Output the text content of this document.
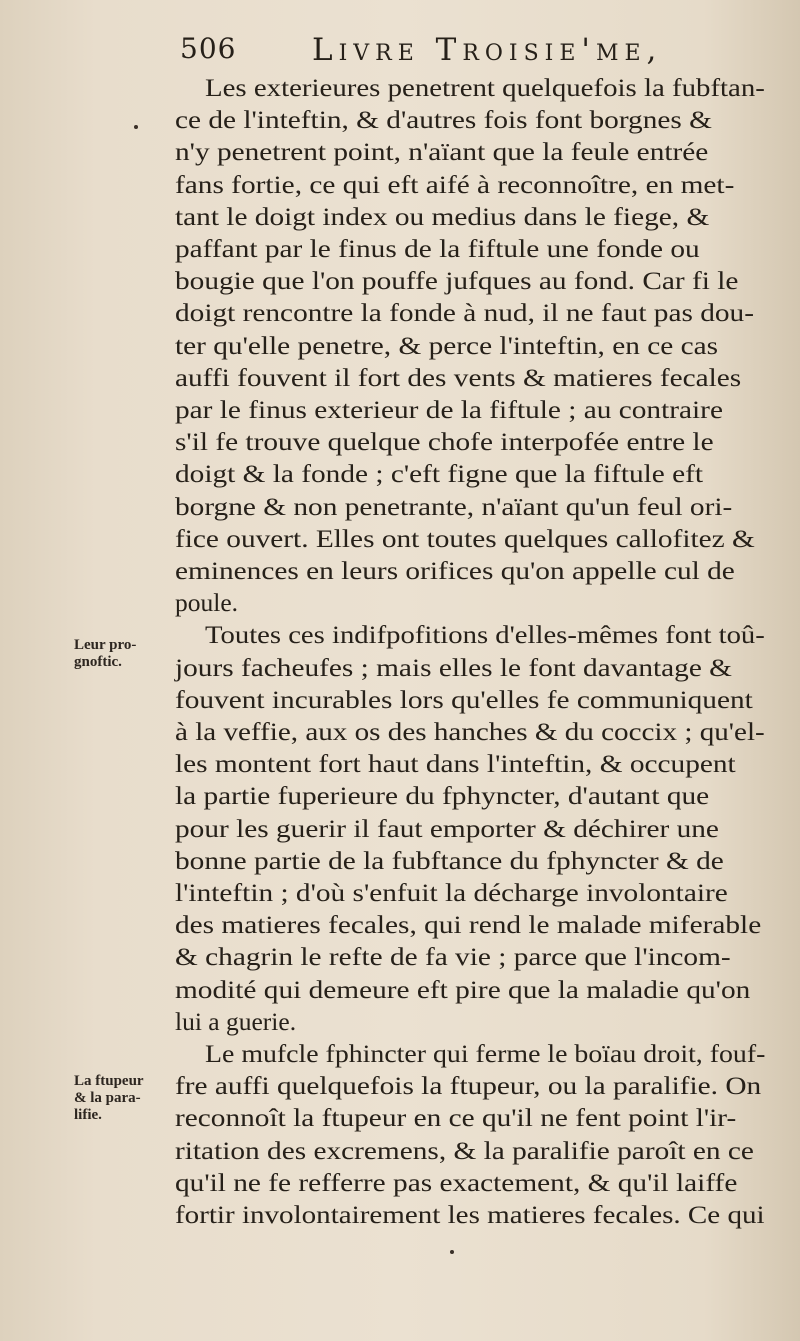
506 Livre Troisie'me,
Leur pro-
gnoftic.
La ftupeur
& la para-
lifie.
Les exterieures penetrent quelquefois la fubftan-
ce de l'inteftin, & d'autres fois font borgnes &
n'y penetrent point, n'aïant que la feule entrée
fans fortie, ce qui eft aifé à reconnoître, en met-
tant le doigt index ou medius dans le fiege, &
paffant par le finus de la fiftule une fonde ou
bougie que l'on pouffe jufques au fond. Car fi le
doigt rencontre la fonde à nud, il ne faut pas dou-
ter qu'elle penetre, & perce l'inteftin, en ce cas
auffi fouvent il fort des vents & matieres fecales
par le finus exterieur de la fiftule ; au contraire
s'il fe trouve quelque chofe interpofée entre le
doigt & la fonde ; c'eft figne que la fiftule eft
borgne & non penetrante, n'aïant qu'un feul ori-
fice ouvert. Elles ont toutes quelques callofitez &
eminences en leurs orifices qu'on appelle cul de
poule.
Toutes ces indifpofitions d'elles-mêmes font toû-
jours facheufes ; mais elles le font davantage &
fouvent incurables lors qu'elles fe communiquent
à la veffie, aux os des hanches & du coccix ; qu'el-
les montent fort haut dans l'inteftin, & occupent
la partie fuperieure du fphyncter, d'autant que
pour les guerir il faut emporter & déchirer une
bonne partie de la fubftance du fphyncter & de
l'inteftin ; d'où s'enfuit la décharge involontaire
des matieres fecales, qui rend le malade miferable
& chagrin le refte de fa vie ; parce que l'incom-
modité qui demeure eft pire que la maladie qu'on
lui a guerie.
Le mufcle fphincter qui ferme le boïau droit, fouf-
fre auffi quelquefois la ftupeur, ou la paralifie. On
reconnoît la ftupeur en ce qu'il ne fent point l'ir-
ritation des excremens, & la paralifie paroît en ce
qu'il ne fe refferre pas exactement, & qu'il laiffe
fortir involontairement les matieres fecales. Ce qui
